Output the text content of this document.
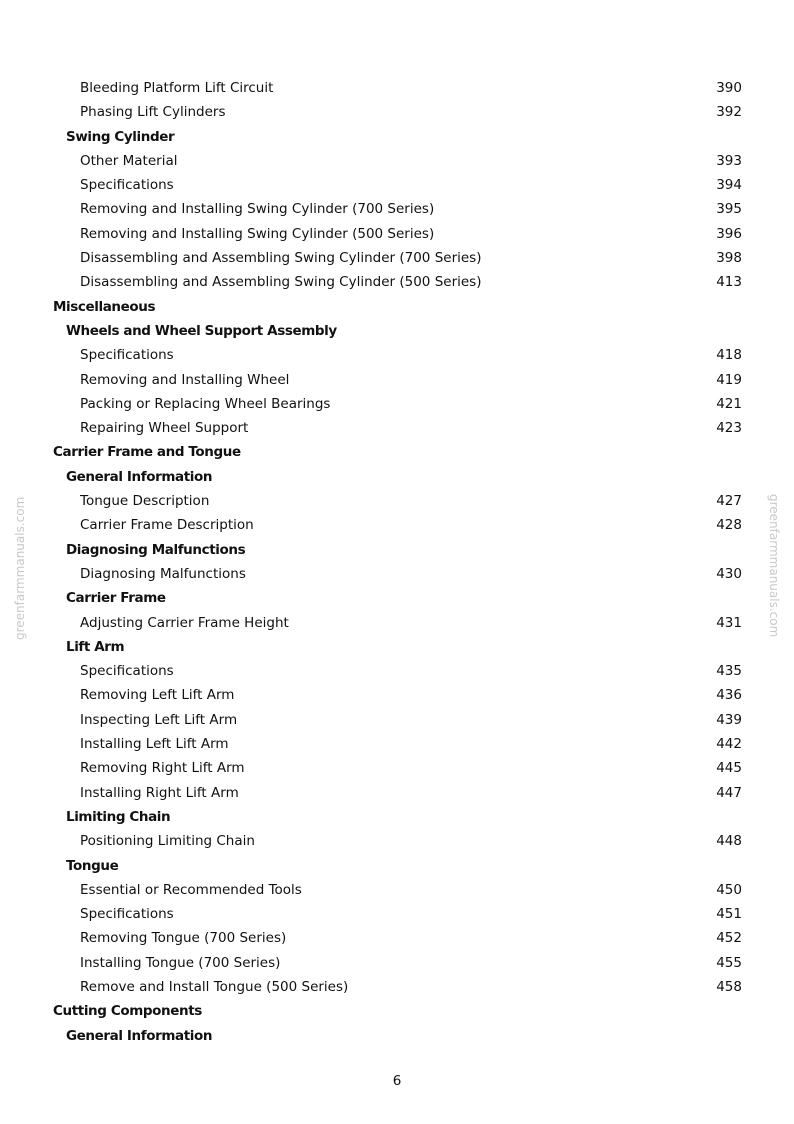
Bleeding Platform Lift Circuit	390
Phasing Lift Cylinders	392
Swing Cylinder
Other Material	393
Specifications	394
Removing and Installing Swing Cylinder (700 Series)	395
Removing and Installing Swing Cylinder (500 Series)	396
Disassembling and Assembling Swing Cylinder (700 Series)	398
Disassembling and Assembling Swing Cylinder (500 Series)	413
Miscellaneous
Wheels and Wheel Support Assembly
Specifications	418
Removing and Installing Wheel	419
Packing or Replacing Wheel Bearings	421
Repairing Wheel Support	423
Carrier Frame and Tongue
General Information
Tongue Description	427
Carrier Frame Description	428
Diagnosing Malfunctions
Diagnosing Malfunctions	430
Carrier Frame
Adjusting Carrier Frame Height	431
Lift Arm
Specifications	435
Removing Left Lift Arm	436
Inspecting Left Lift Arm	439
Installing Left Lift Arm	442
Removing Right Lift Arm	445
Installing Right Lift Arm	447
Limiting Chain
Positioning Limiting Chain	448
Tongue
Essential or Recommended Tools	450
Specifications	451
Removing Tongue (700 Series)	452
Installing Tongue (700 Series)	455
Remove and Install Tongue (500 Series)	458
Cutting Components
General Information
greenfarmmanuals.com	greenfarmmanuals.com
6
